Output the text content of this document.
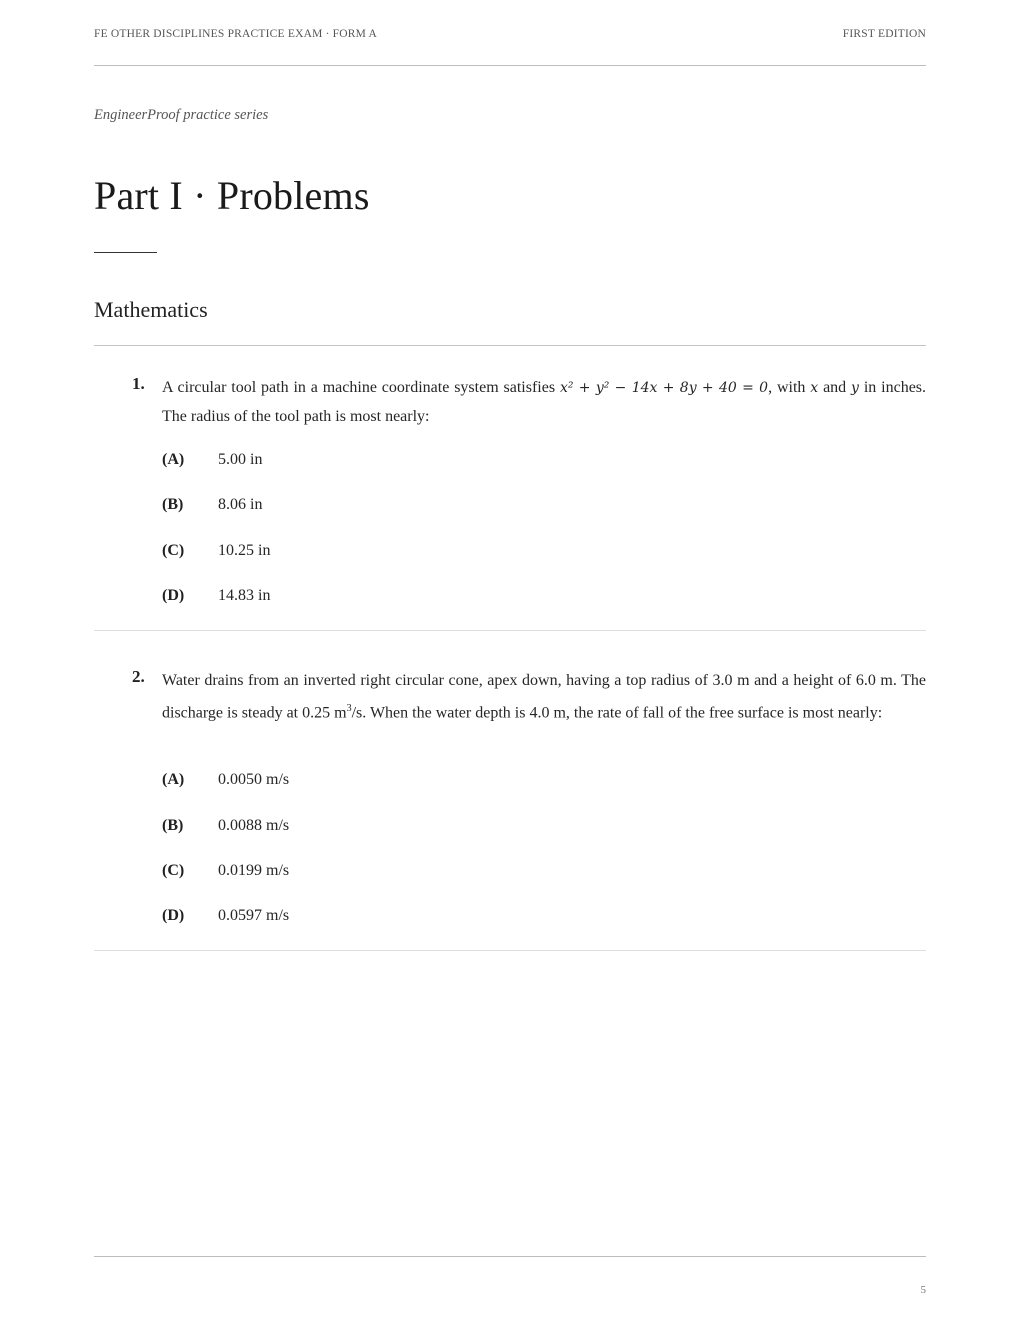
FE OTHER DISCIPLINES PRACTICE EXAM · FORM A	FIRST EDITION
EngineerProof practice series
Part I · Problems
Mathematics
1. A circular tool path in a machine coordinate system satisfies x² + y² − 14x + 8y + 40 = 0, with x and y in inches. The radius of the tool path is most nearly:
(A) 5.00 in
(B) 8.06 in
(C) 10.25 in
(D) 14.83 in
2. Water drains from an inverted right circular cone, apex down, having a top radius of 3.0 m and a height of 6.0 m. The discharge is steady at 0.25 $m^3/s$. When the water depth is 4.0 m, the rate of fall of the free surface is most nearly:
(A) 0.0050 m/s
(B) 0.0088 m/s
(C) 0.0199 m/s
(D) 0.0597 m/s
5
